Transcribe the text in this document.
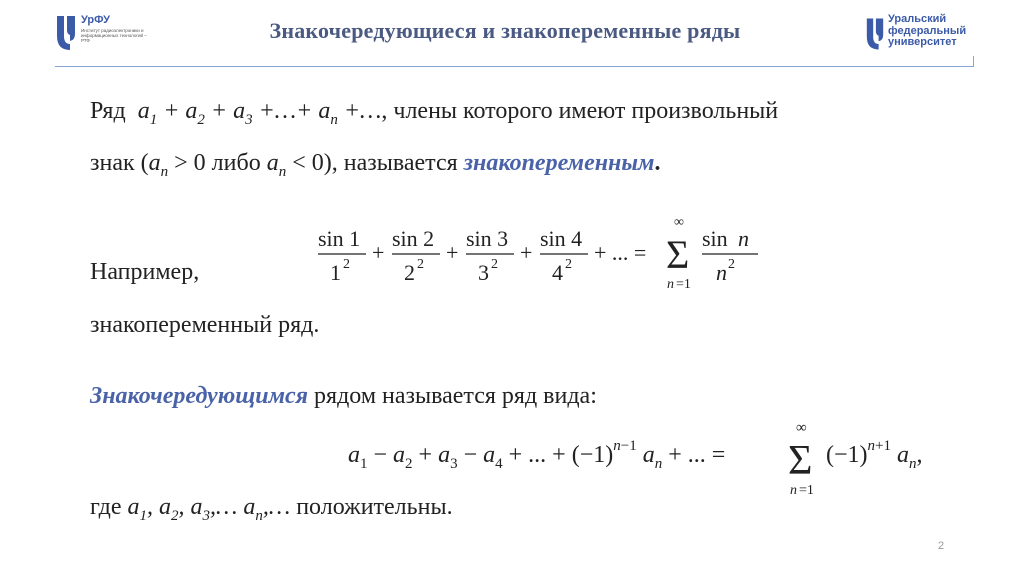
УрФУ
Институт радиоэлектроники и информационных технологий – РТФ	Знакочередующиеся и знакопеременные ряды	Уральский
федеральный
университет
Ряд $a_1 + a_2 + a_3$ +…+ $a_n$ +…, члены которого имеют произвольный
знак ($a_n > 0$ либо $a_n < 0$), называется знакопеременным.
Например,
sin 1
1 2 +
sin 2
2 2 +
sin 3
3 2 +
sin 4
4 2 + ... =
∞
Σ
n =1
sin n
n 2
знакопеременный ряд.
Знакочередующимся рядом называется ряд вида:
$a_1 - a_2 + a_3 - a_4$ + ... + $(-1)^n-1$ $a_n$ + ... =
∞
Σ
n =1
$(-1)^n+1$ $a_n$,
где $a_1$, $a_2$, $a_3,\dots$ $a_n,\dots$ положительны.
2
